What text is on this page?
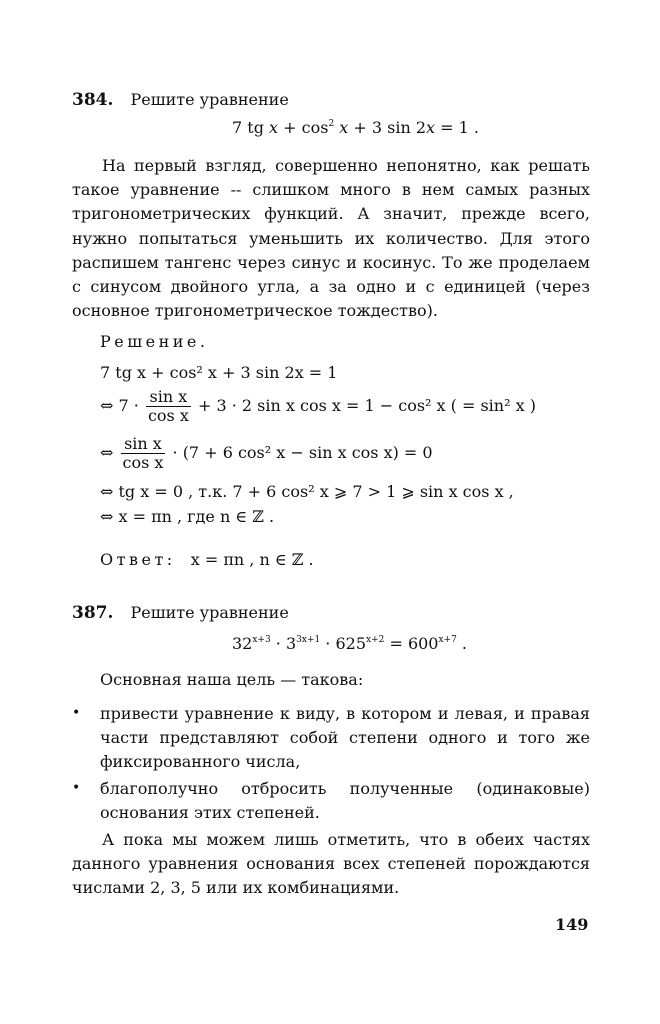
384. Решите уравнение
7 tg $x + \cos^2 x + 3$ sin 2x = 1 .
На первый взгляд, совершенно непонятно, как решать такое уравнение -- слишком много в нем самых разных тригонометрических функций. А значит, прежде всего, нужно попытаться уменьшить их количество. Для этого распишем тангенс через синус и косинус. То же проделаем с синусом двойного угла, а за одно и с единицей (через основное тригонометрическое тождество).
Решение.
7 tg x + cos² x + 3 sin 2x = 1
⇔ $7 \cdot \frac{\text{sin x}}{\text{cos x}} + 3 \cdot 2$ sin x cos x = 1 − cos² x ( = sin² x )
⇔ $\frac{\text{sin x}}{\text{cos x}} \cdot (7 + 6$ cos² x − sin x cos x) = 0
⇔ tg x = 0 , т.к. 7 + 6 cos² x ⩾ 7 > 1 ⩾ sin x cos x ,
⇔ x = πn , где n ∈ ℤ .
Ответ: x = πn , n ∈ ℤ .
387. Решите уравнение
$32^{x+3} \cdot 3^{3x+1} \cdot 625^{x+2} = 600^{x+7}$ .
Основная наша цель — такова:
• привести уравнение к виду, в котором и левая, и правая части представляют собой степени одного и того же фиксированного числа,
• благополучно отбросить полученные (одинаковые) основания этих степеней.
А пока мы можем лишь отметить, что в обеих частях данного уравнения основания всех степеней порождаются числами 2, 3, 5 или их комбинациями.
149
